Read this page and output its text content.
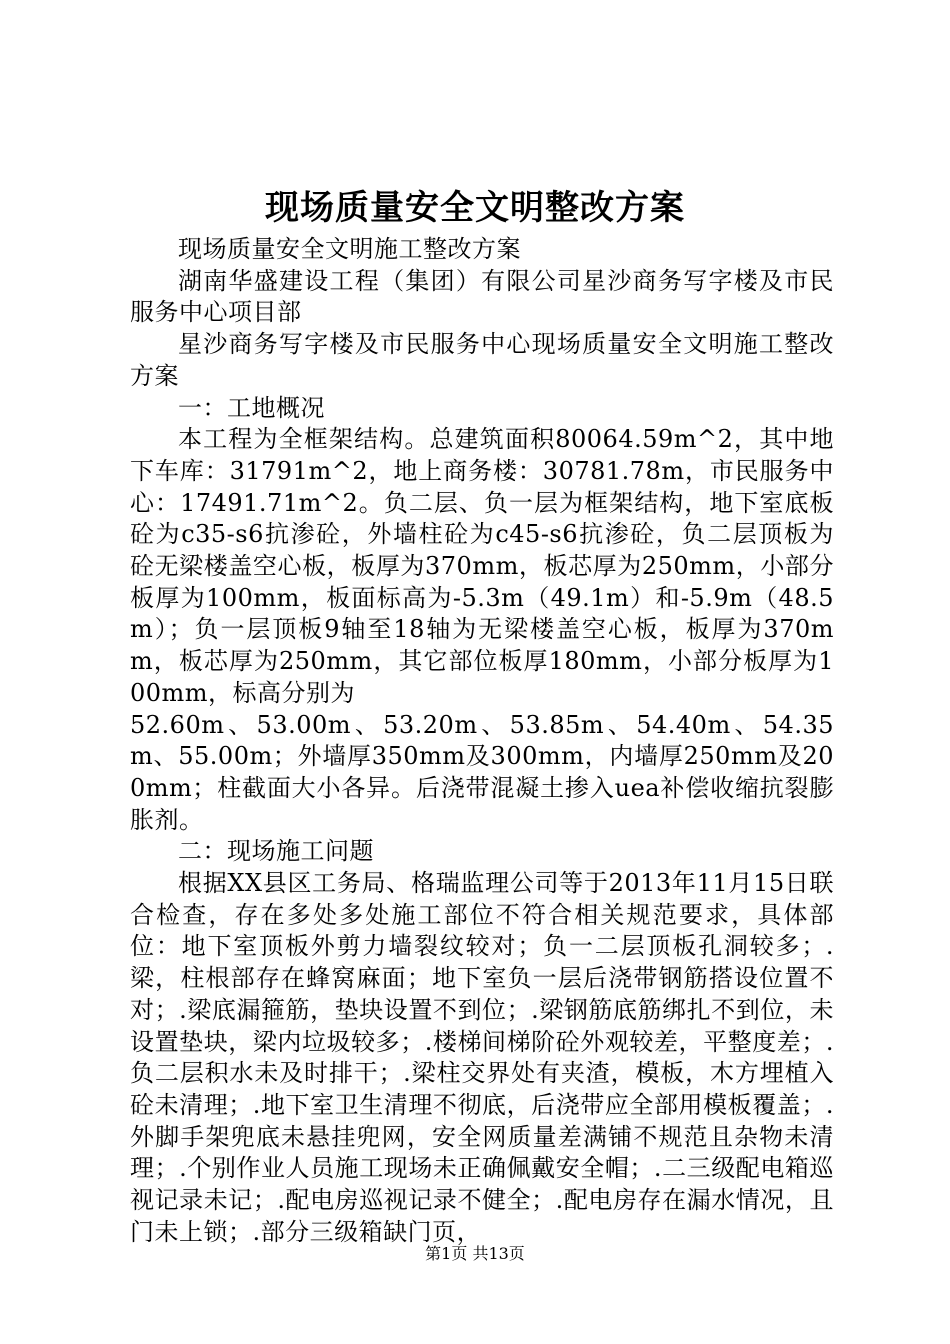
现场质量安全文明整改方案

现场质量安全文明施工整改方案

湖南华盛建设工程（集团）有限公司星沙商务写字楼及市民服务中心项目部

星沙商务写字楼及市民服务中心现场质量安全文明施工整改方案

一：工地概况

本工程为全框架结构。总建筑面积80064.59m^2，其中地下车库：31791m^2，地上商务楼：30781.78m，市民服务中心：17491.71m^2。负二层、负一层为框架结构，地下室底板砼为c35-s6抗渗砼，外墙柱砼为c45-s6抗渗砼，负二层顶板为砼无梁楼盖空心板，板厚为370mm，板芯厚为250mm，小部分板厚为100mm，板面标高为-5.3m（49.1m）和-5.9m（48.5m）；负一层顶板9轴至18轴为无梁楼盖空心板，板厚为370mm，板芯厚为250mm，其它部位板厚180mm，小部分板厚为100mm，标高分别为

52.60m、53.00m、53.20m、53.85m、54.40m、54.35m、55.00m；外墙厚350mm及300mm，内墙厚250mm及200mm；柱截面大小各异。后浇带混凝土掺入uea补偿收缩抗裂膨胀剂。

二：现场施工问题

根据XX县区工务局、格瑞监理公司等于2013年11月15日联合检查，存在多处多处施工部位不符合相关规范要求，具体部位：地下室顶板外剪力墙裂纹较对；负一二层顶板孔洞较多；.梁，柱根部存在蜂窝麻面；地下室负一层后浇带钢筋搭设位置不对；.梁底漏箍筋，垫块设置不到位；.梁钢筋底筋绑扎不到位，未设置垫块，梁内垃圾较多；.楼梯间梯阶砼外观较差，平整度差；.负二层积水未及时排干；.梁柱交界处有夹渣，模板，木方埋植入砼未清理；.地下室卫生清理不彻底，后浇带应全部用模板覆盖；.外脚手架兜底未悬挂兜网，安全网质量差满铺不规范且杂物未清理；.个别作业人员施工现场未正确佩戴安全帽；.二三级配电箱巡视记录未记；.配电房巡视记录不健全；.配电房存在漏水情况，且门未上锁；.部分三级箱缺门页，

第1页 共13页
